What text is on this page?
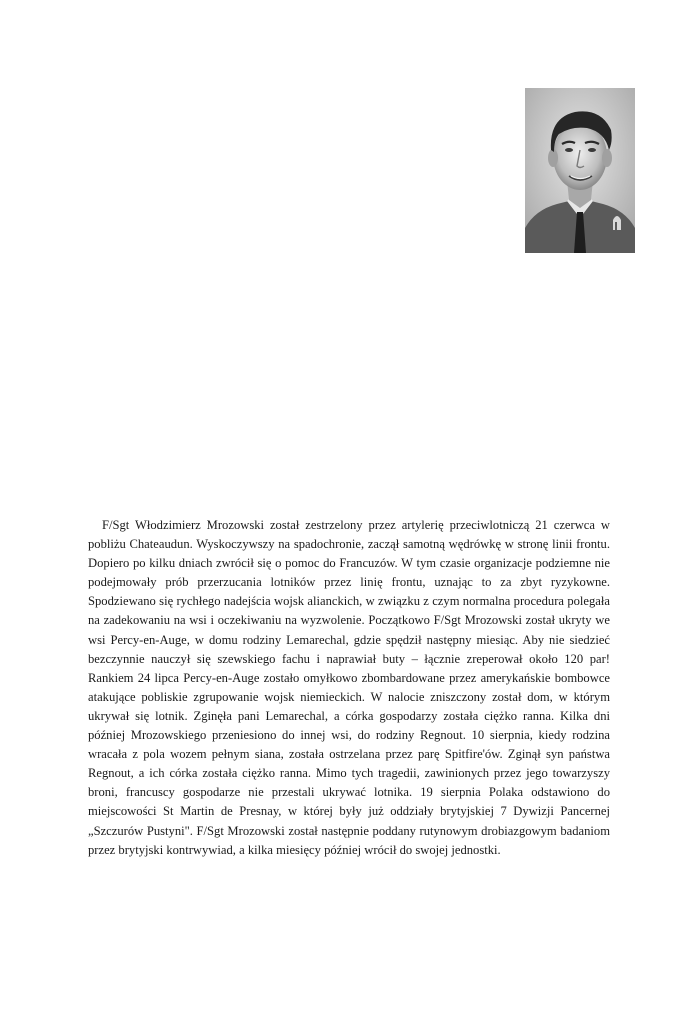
F/Sgt Włodzimierz Mrozowski został zestrzelony przez artylerię przeciwlotniczą 21 czerwca w pobliżu Chateaudun. Wyskoczywszy na spadochronie, zaczął samotną wędrówkę w stronę linii frontu. Dopiero po kilku dniach zwrócił się o pomoc do Francuzów. W tym czasie organizacje podziemne nie podejmowały prób przerzucania lotników przez linię frontu, uznając to za zbyt ryzykowne. Spodziewano się rychłego nadejścia wojsk alianckich, w związku z czym normalna procedura polegała na zadekowaniu na wsi i oczekiwaniu na wyzwolenie. Początkowo F/Sgt Mrozowski został ukryty we wsi Percy-en-Auge, w domu rodziny Lemarechal, gdzie spędził następny miesiąc. Aby nie siedzieć bezczynnie nauczył się szewskiego fachu i naprawiał buty – łącznie zreperował około 120 par! Rankiem 24 lipca Percy-en-Auge zostało omyłkowo zbombardowane przez amerykańskie bombowce atakujące pobliskie zgrupowanie wojsk niemieckich. W nalocie zniszczony został dom, w którym ukrywał się lotnik. Zginęła pani Lemarechal, a córka gospodarzy została ciężko ranna. Kilka dni później Mrozowskiego przeniesiono do innej wsi, do rodziny Regnout. 10 sierpnia, kiedy rodzina wracała z pola wozem pełnym siana, została ostrzelana przez parę Spitfire'ów. Zginął syn państwa Regnout, a ich córka została ciężko ranna. Mimo tych tragedii, zawinionych przez jego towarzyszy broni, francuscy gospodarze nie przestali ukrywać lotnika. 19 sierpnia Polaka odstawiono do miejscowości St Martin de Presnay, w której były już oddziały brytyjskiej 7 Dywizji Pancernej „Szczurów Pustyni". F/Sgt Mrozowski został następnie poddany rutynowym drobiazgowym badaniom przez brytyjski kontrwywiad, a kilka miesięcy później wrócił do swojej jednostki.
